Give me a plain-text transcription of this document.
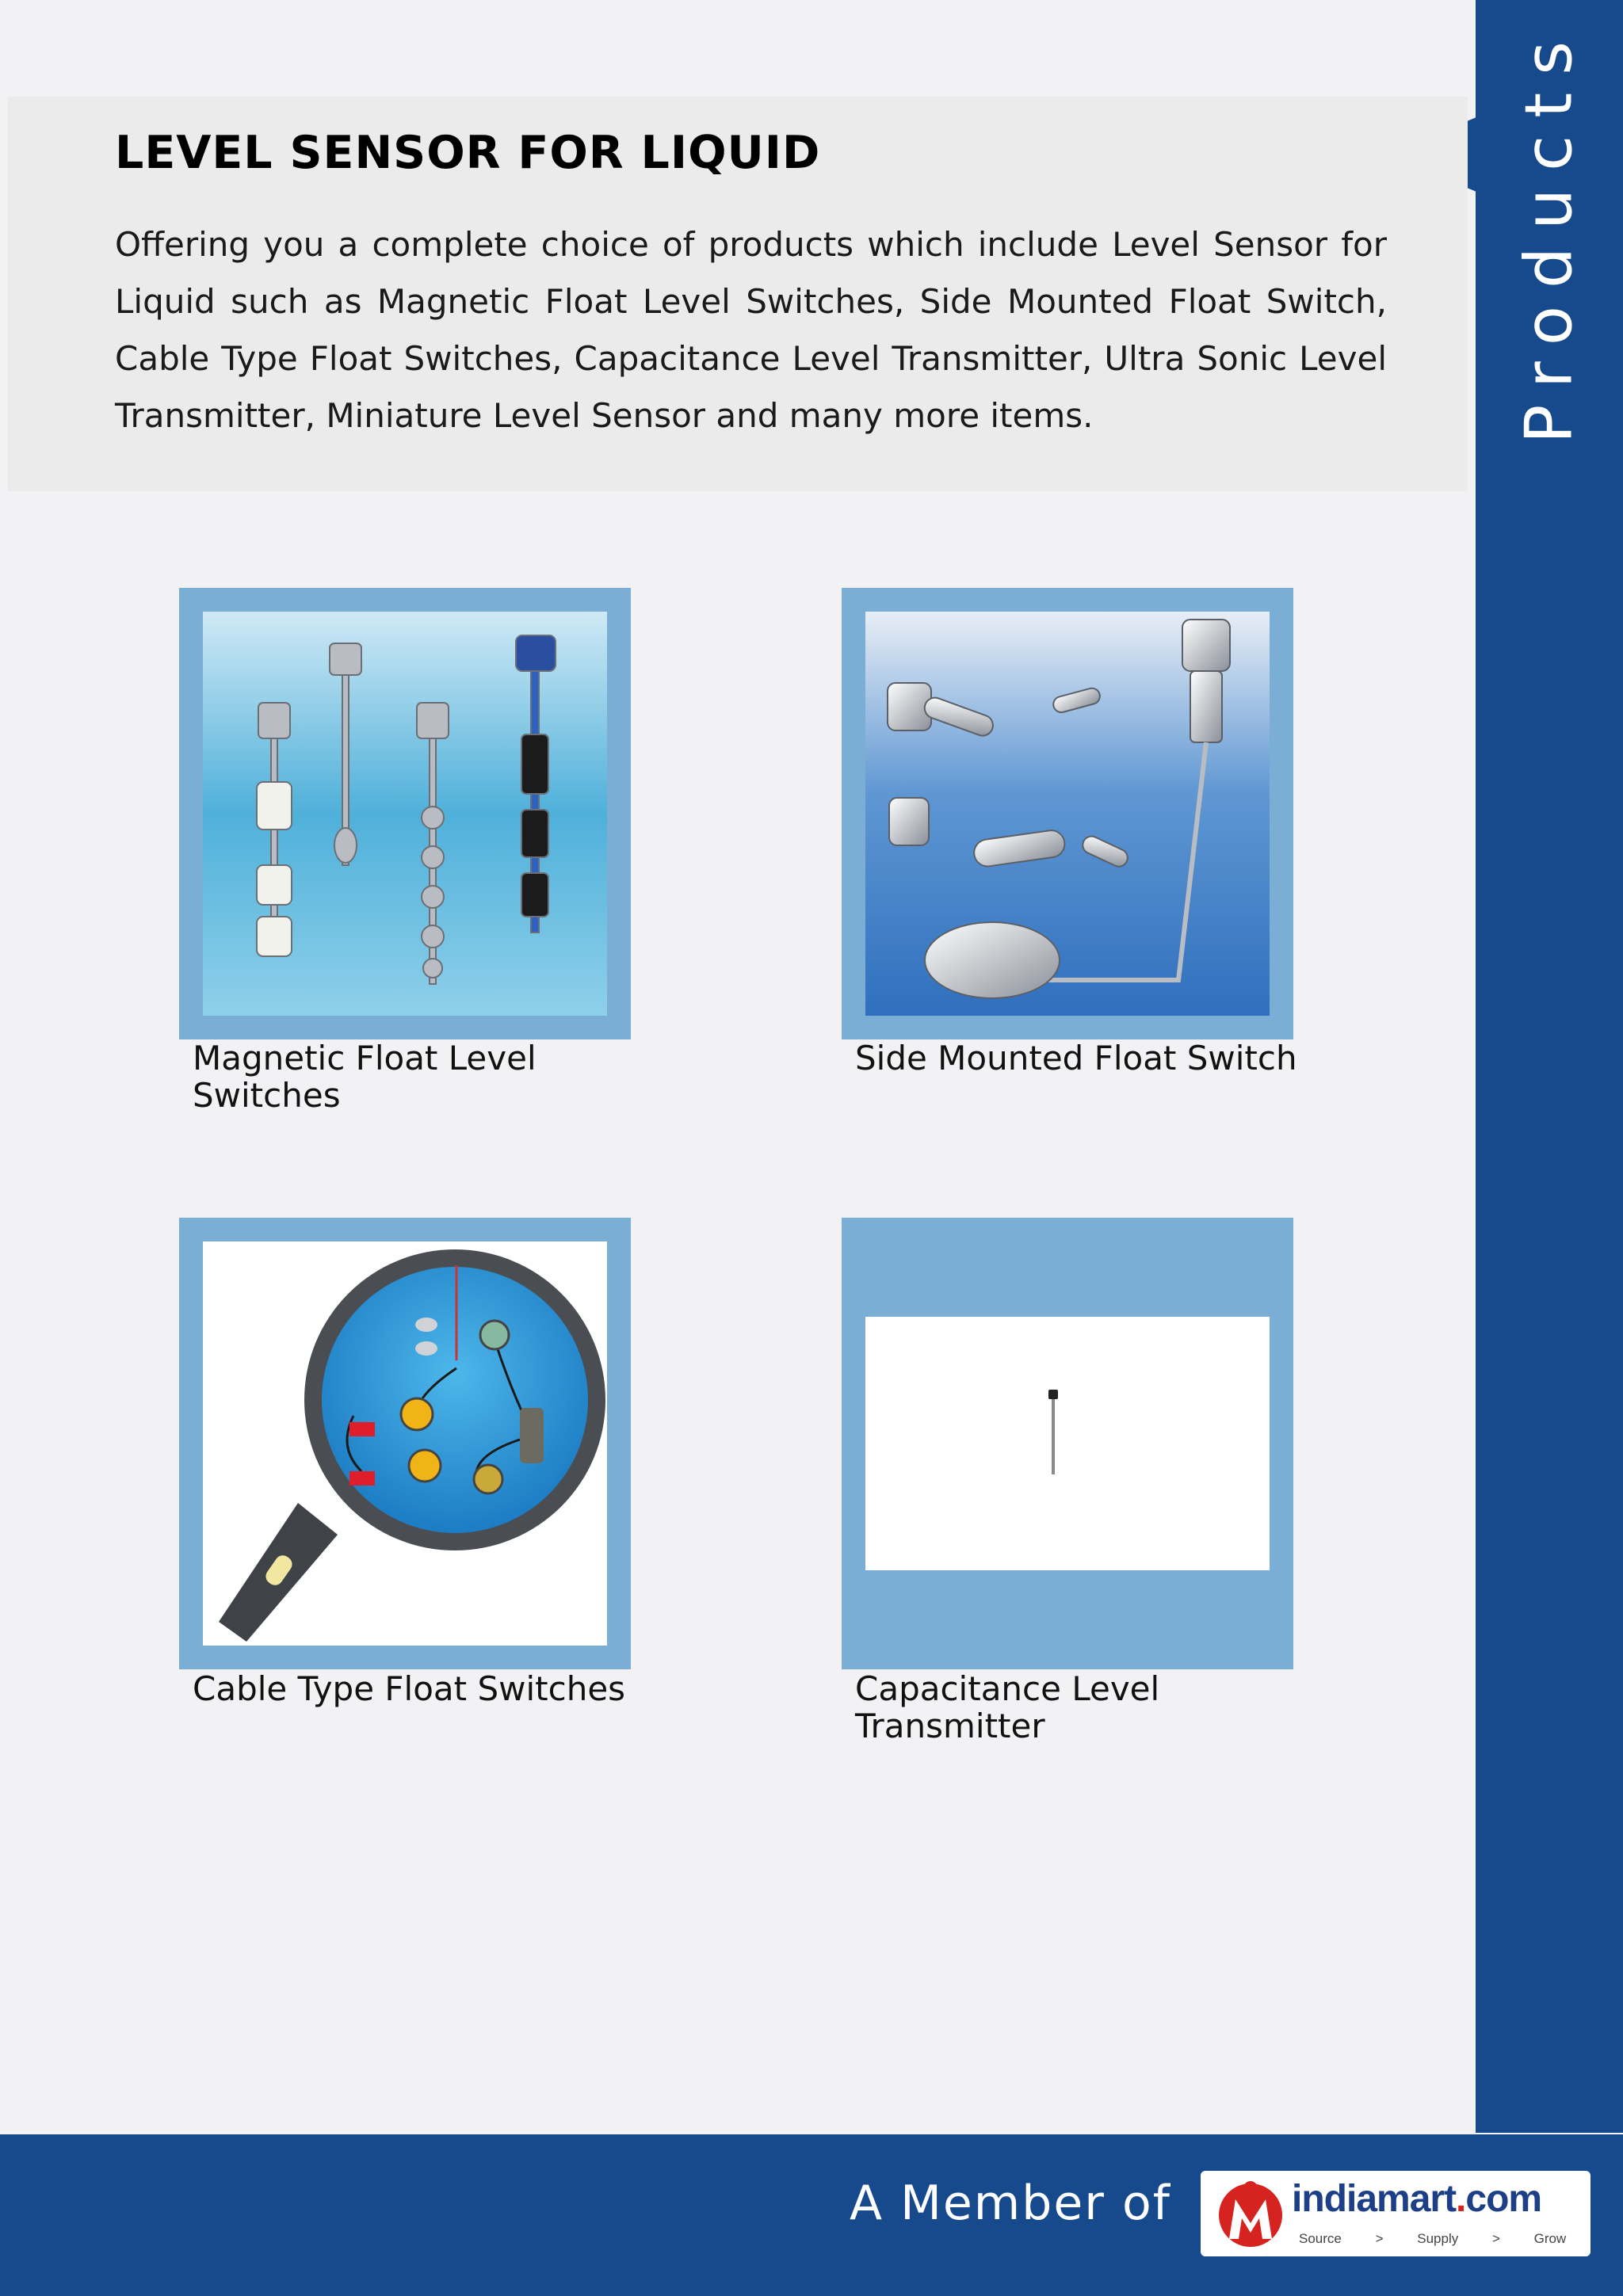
Products
LEVEL SENSOR FOR LIQUID

Offering you a complete choice of products which include Level Sensor for Liquid such as Magnetic Float Level Switches, Side Mounted Float Switch, Cable Type Float Switches, Capacitance Level Transmitter, Ultra Sonic Level Transmitter, Miniature Level Sensor and many more items.

Magnetic Float Level Switches
Side Mounted Float Switch
Cable Type Float Switches	Capacitance Level Transmitter
A Member of	indiamart.com
Source > Supply > Grow
